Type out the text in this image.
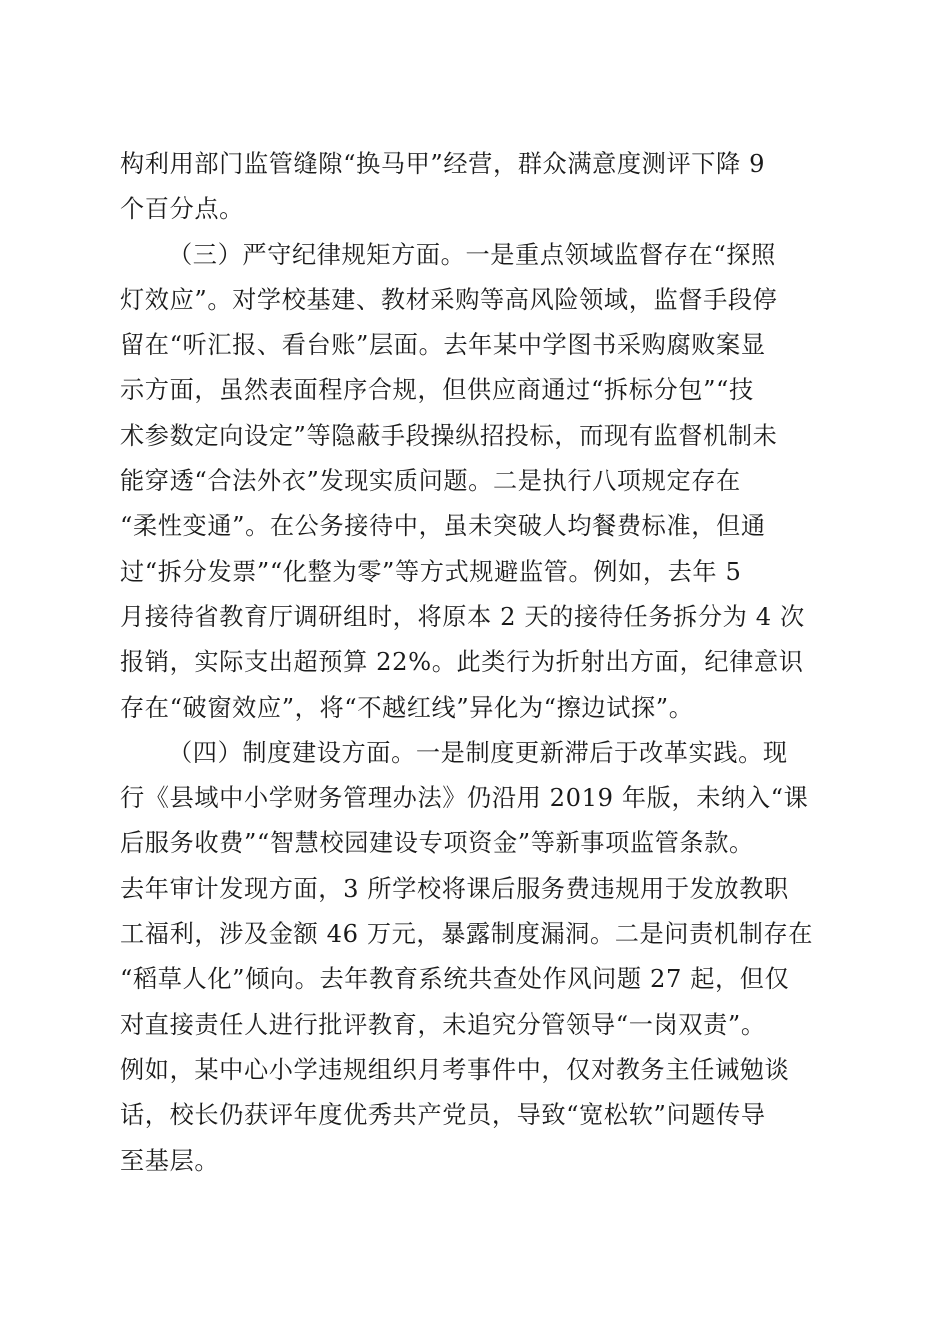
构利用部门监管缝隙“换马甲”经营，群众满意度测评下降 9
个百分点。
（三）严守纪律规矩方面。一是重点领域监督存在“探照
灯效应”。对学校基建、教材采购等高风险领域，监督手段停
留在“听汇报、看台账”层面。去年某中学图书采购腐败案显
示方面，虽然表面程序合规，但供应商通过“拆标分包”“技
术参数定向设定”等隐蔽手段操纵招投标，而现有监督机制未
能穿透“合法外衣”发现实质问题。二是执行八项规定存在
“柔性变通”。在公务接待中，虽未突破人均餐费标准，但通
过“拆分发票”“化整为零”等方式规避监管。例如，去年 5
月接待省教育厅调研组时，将原本 2 天的接待任务拆分为 4 次
报销，实际支出超预算 22%。此类行为折射出方面，纪律意识
存在“破窗效应”，将“不越红线”异化为“擦边试探”。
（四）制度建设方面。一是制度更新滞后于改革实践。现
行《县域中小学财务管理办法》仍沿用 2019 年版，未纳入“课
后服务收费”“智慧校园建设专项资金”等新事项监管条款。
去年审计发现方面，3 所学校将课后服务费违规用于发放教职
工福利，涉及金额 46 万元，暴露制度漏洞。二是问责机制存在
“稻草人化”倾向。去年教育系统共查处作风问题 27 起，但仅
对直接责任人进行批评教育，未追究分管领导“一岗双责”。
例如，某中心小学违规组织月考事件中，仅对教务主任诫勉谈
话，校长仍获评年度优秀共产党员，导致“宽松软”问题传导
至基层。
